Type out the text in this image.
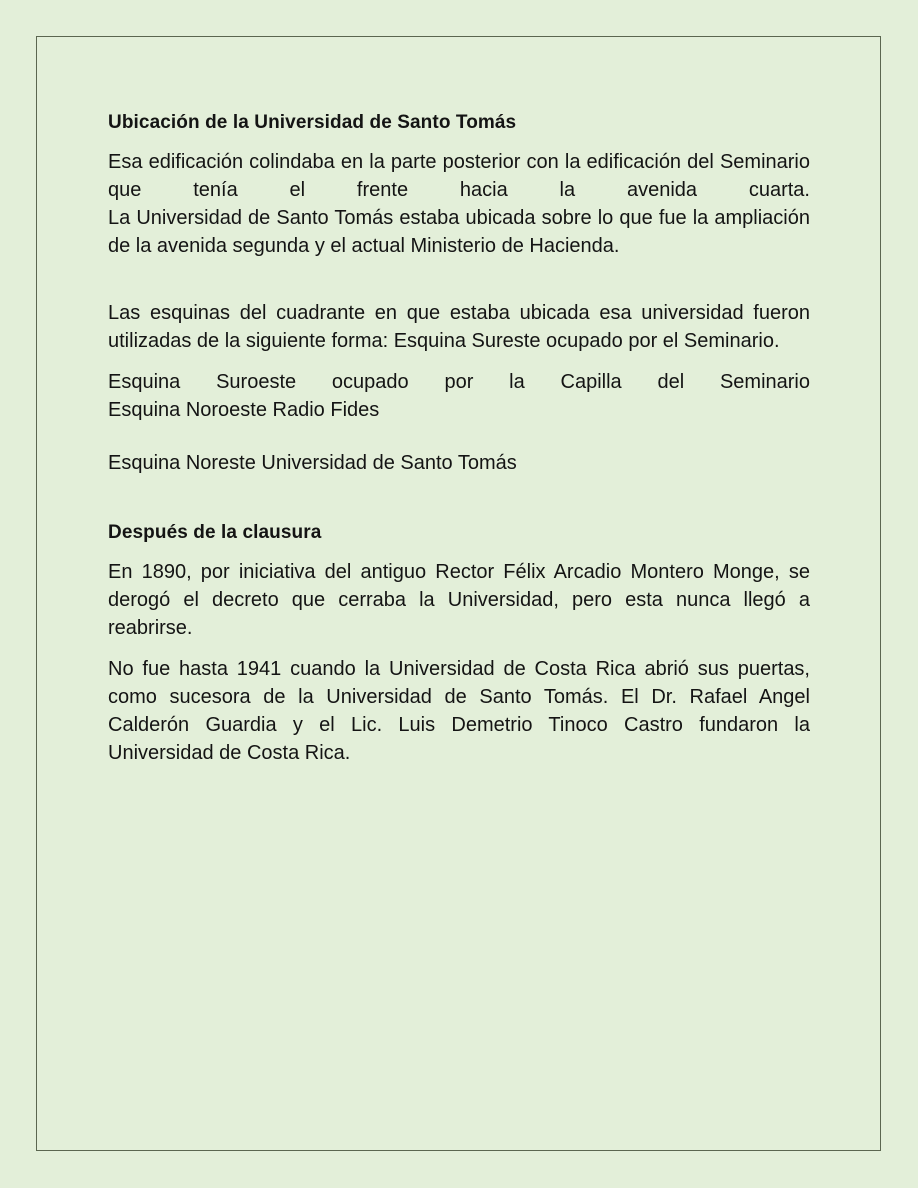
Ubicación de la Universidad de Santo Tomás

Esa edificación colindaba en la parte posterior con la edificación del Seminario que tenía el frente hacia la avenida cuarta.
La Universidad de Santo Tomás estaba ubicada sobre lo que fue la ampliación de la avenida segunda y el actual Ministerio de Hacienda.

Las esquinas del cuadrante en que estaba ubicada esa universidad fueron utilizadas de la siguiente forma: Esquina Sureste ocupado por el Seminario.

Esquina Suroeste ocupado por la Capilla del Seminario
Esquina Noroeste Radio Fides

Esquina Noreste Universidad de Santo Tomás

Después de la clausura

En 1890, por iniciativa del antiguo Rector Félix Arcadio Montero Monge, se derogó el decreto que cerraba la Universidad, pero esta nunca llegó a reabrirse.

No fue hasta 1941 cuando la Universidad de Costa Rica abrió sus puertas, como sucesora de la Universidad de Santo Tomás. El Dr. Rafael Angel Calderón Guardia y el Lic. Luis Demetrio Tinoco Castro fundaron la Universidad de Costa Rica.
